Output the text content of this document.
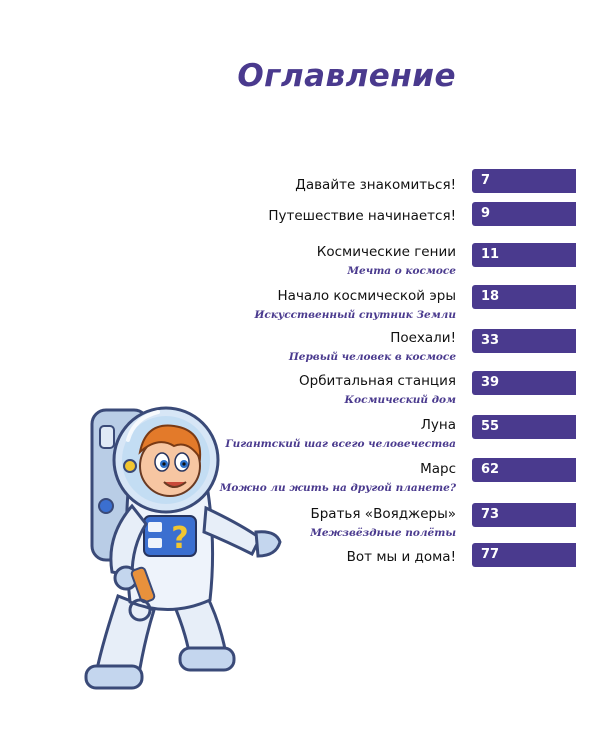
Оглавление
Давайте знакомиться! 7
Путешествие начинается! 9
Космические гении
Мечта о космосе
11
Начало космической эры
Искусственный спутник Земли
18
Поехали!
Первый человек в космосе
33
Орбитальная станция
Космический дом
39
Луна
Гигантский шаг всего человечества
55
Марс
Можно ли жить на другой планете?
62
Братья «Вояджеры»
Межзвёздные полёты
73
Вот мы и дома! 77
?
